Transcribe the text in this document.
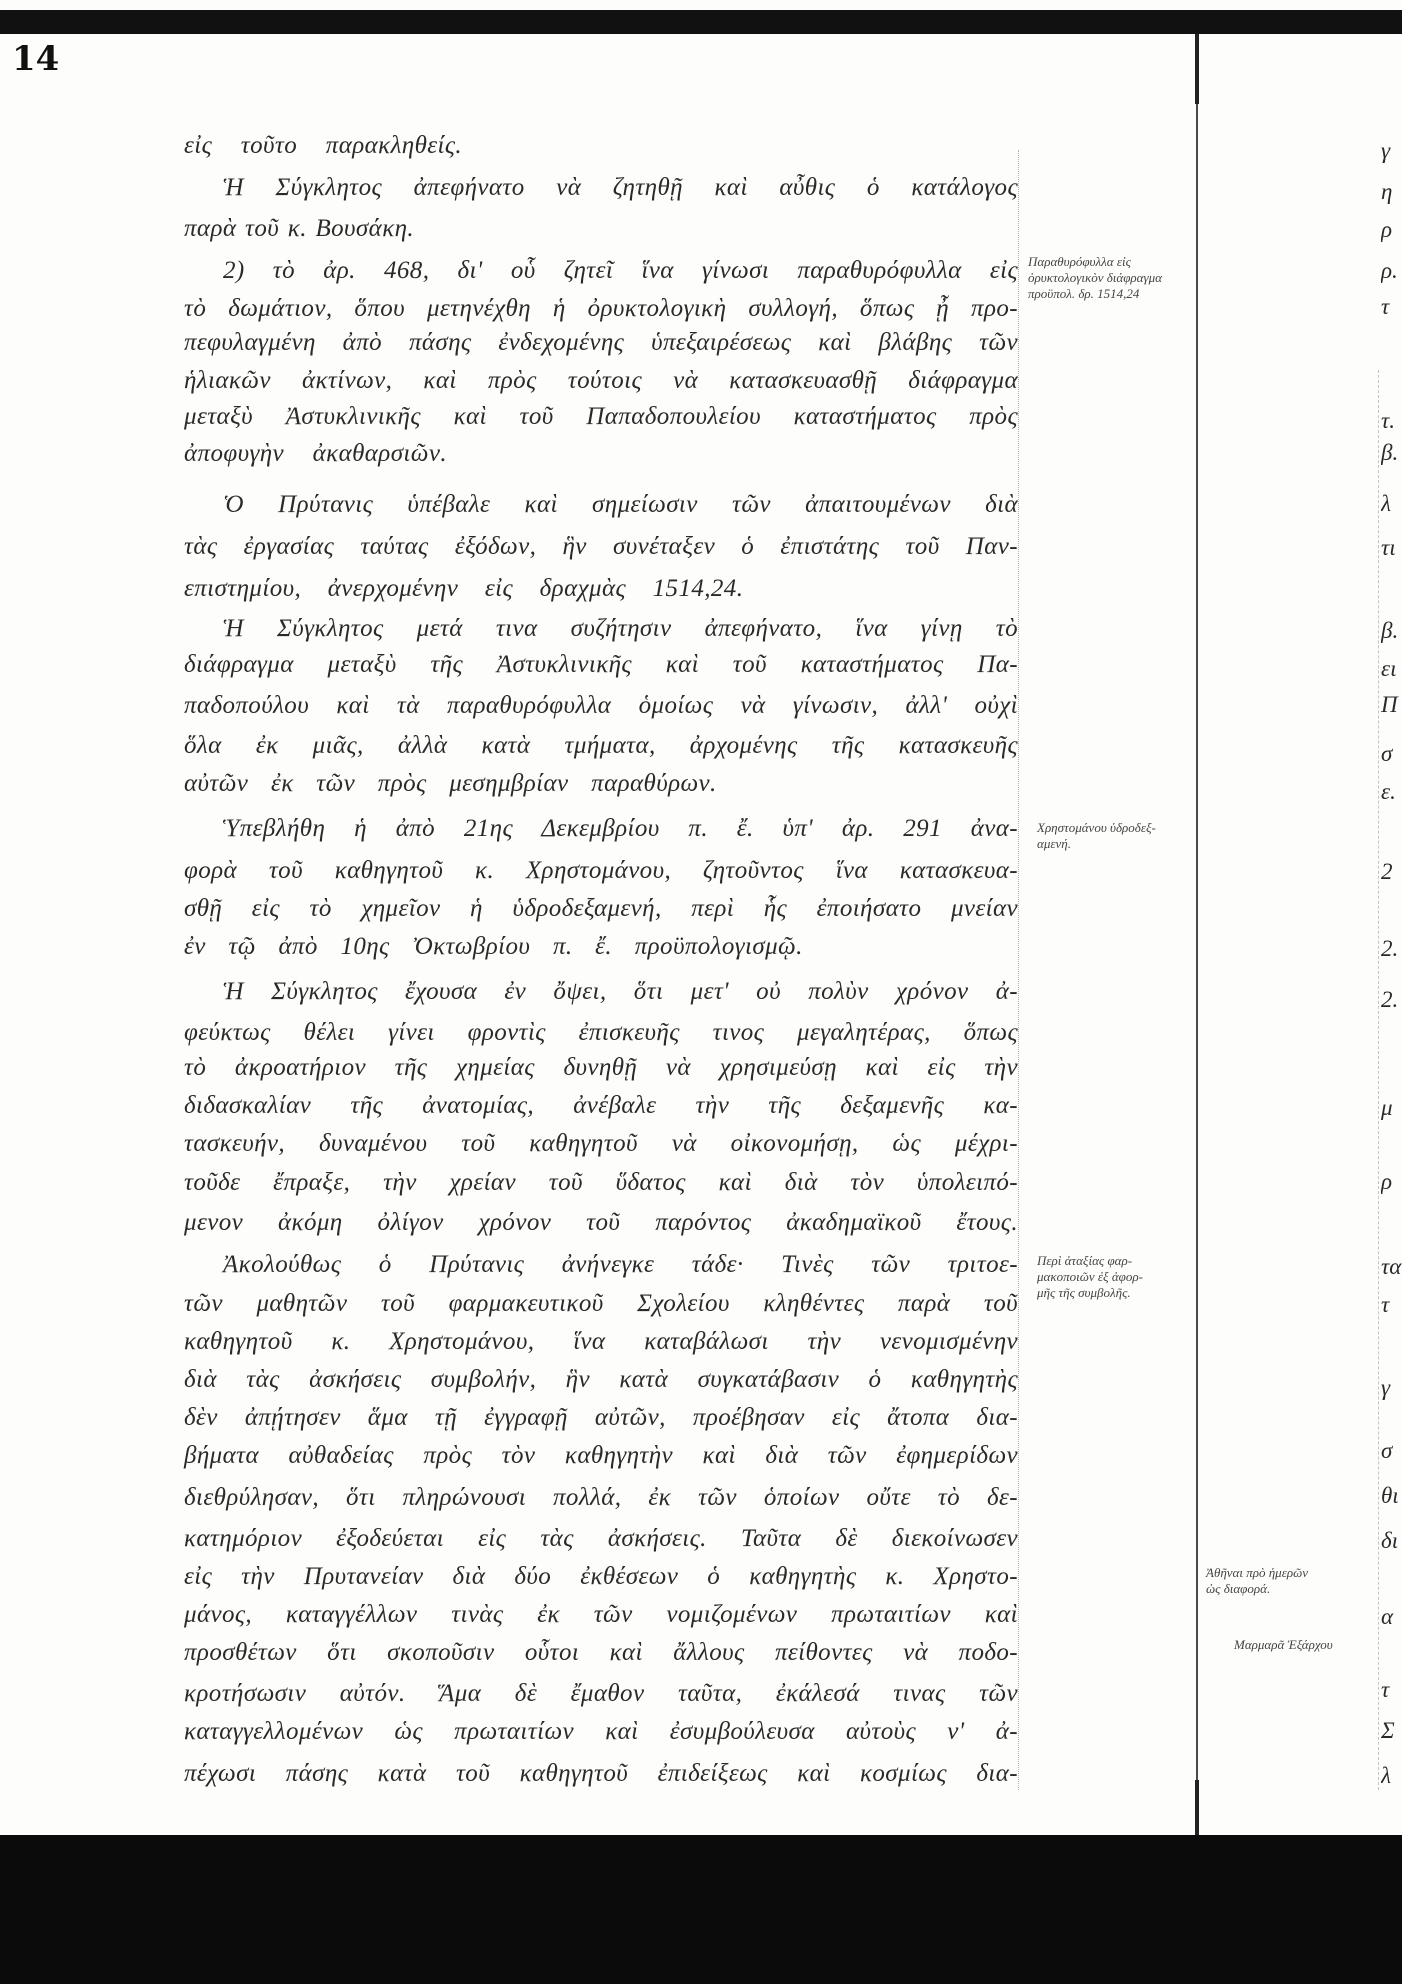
14
εἰς τοῦτο παρακληθείς.
Ἡ Σύγκλητος ἀπεφήνατο νὰ ζητηθῇ καὶ αὖθις ὁ κατάλογος
παρὰ τοῦ κ. Βουσάκη.
2) τὸ ἀρ. 468, δι' οὗ ζητεῖ ἵνα γίνωσι παραθυρόφυλλα εἰς
τὸ δωμάτιον, ὅπου μετηνέχθη ἡ ὀρυκτολογικὴ συλλογή, ὅπως ᾖ προ-
πεφυλαγμένη ἀπὸ πάσης ἐνδεχομένης ὑπεξαιρέσεως καὶ βλάβης τῶν
ἡλιακῶν ἀκτίνων, καὶ πρὸς τούτοις νὰ κατασκευασθῇ διάφραγμα
μεταξὺ Ἀστυκλινικῆς καὶ τοῦ Παπαδοπουλείου καταστήματος πρὸς
ἀποφυγὴν ἀκαθαρσιῶν.
Ὁ Πρύτανις ὑπέβαλε καὶ σημείωσιν τῶν ἀπαιτουμένων διὰ
τὰς ἐργασίας ταύτας ἐξόδων, ἣν συνέταξεν ὁ ἐπιστάτης τοῦ Παν-
επιστημίου, ἀνερχομένην εἰς δραχμὰς 1514,24.
Ἡ Σύγκλητος μετά τινα συζήτησιν ἀπεφήνατο, ἵνα γίνῃ τὸ
διάφραγμα μεταξὺ τῆς Ἀστυκλινικῆς καὶ τοῦ καταστήματος Πα-
παδοπούλου καὶ τὰ παραθυρόφυλλα ὁμοίως νὰ γίνωσιν, ἀλλ' οὐχὶ
ὅλα ἐκ μιᾶς, ἀλλὰ κατὰ τμήματα, ἀρχομένης τῆς κατασκευῆς
αὐτῶν ἐκ τῶν πρὸς μεσημβρίαν παραθύρων.
Ὑπεβλήθη ἡ ἀπὸ 21ης Δεκεμβρίου π. ἔ. ὑπ' ἀρ. 291 ἀνα-
φορὰ τοῦ καθηγητοῦ κ. Χρηστομάνου, ζητοῦντος ἵνα κατασκευα-
σθῇ εἰς τὸ χημεῖον ἡ ὑδροδεξαμενή, περὶ ἧς ἐποιήσατο μνείαν
ἐν τῷ ἀπὸ 10ης Ὀκτωβρίου π. ἔ. προϋπολογισμῷ.
Ἡ Σύγκλητος ἔχουσα ἐν ὄψει, ὅτι μετ' οὐ πολὺν χρόνον ἀ-
φεύκτως θέλει γίνει φροντὶς ἐπισκευῆς τινος μεγαλητέρας, ὅπως
τὸ ἀκροατήριον τῆς χημείας δυνηθῇ νὰ χρησιμεύσῃ καὶ εἰς τὴν
διδασκαλίαν τῆς ἀνατομίας, ἀνέβαλε τὴν τῆς δεξαμενῆς κα-
τασκευήν, δυναμένου τοῦ καθηγητοῦ νὰ οἰκονομήσῃ, ὡς μέχρι-
τοῦδε ἔπραξε, τὴν χρείαν τοῦ ὕδατος καὶ διὰ τὸν ὑπολειπό-
μενον ἀκόμη ὀλίγον χρόνον τοῦ παρόντος ἀκαδημαϊκοῦ ἔτους.
Ἀκολούθως ὁ Πρύτανις ἀνήνεγκε τάδε· Τινὲς τῶν τριτοε-
τῶν μαθητῶν τοῦ φαρμακευτικοῦ Σχολείου κληθέντες παρὰ τοῦ
καθηγητοῦ κ. Χρηστομάνου, ἵνα καταβάλωσι τὴν νενομισμένην
διὰ τὰς ἀσκήσεις συμβολήν, ἣν κατὰ συγκατάβασιν ὁ καθηγητὴς
δὲν ἀπῄτησεν ἅμα τῇ ἐγγραφῇ αὐτῶν, προέβησαν εἰς ἄτοπα δια-
βήματα αὐθαδείας πρὸς τὸν καθηγητὴν καὶ διὰ τῶν ἐφημερίδων
διεθρύλησαν, ὅτι πληρώνουσι πολλά, ἐκ τῶν ὁποίων οὔτε τὸ δε-
κατημόριον ἐξοδεύεται εἰς τὰς ἀσκήσεις. Ταῦτα δὲ διεκοίνωσεν
εἰς τὴν Πρυτανείαν διὰ δύο ἐκθέσεων ὁ καθηγητὴς κ. Χρηστο-
μάνος, καταγγέλλων τινὰς ἐκ τῶν νομιζομένων πρωταιτίων καὶ
προσθέτων ὅτι σκοποῦσιν οὗτοι καὶ ἄλλους πείθοντες νὰ ποδο-
κροτήσωσιν αὐτόν. Ἅμα δὲ ἔμαθον ταῦτα, ἐκάλεσά τινας τῶν
καταγγελλομένων ὡς πρωταιτίων καὶ ἐσυμβούλευσα αὐτοὺς ν' ἀ-
πέχωσι πάσης κατὰ τοῦ καθηγητοῦ ἐπιδείξεως καὶ κοσμίως δια-
Παραθυρόφυλλα εἰς
ὀρυκτολογικὸν διάφραγμα
προϋπολ. δρ. 1514,24
Χρηστομάνου ὑδροδεξ-
αμενή.
Περὶ ἀταξίας φαρ-
μακοποιῶν ἐξ ἀφορ-
μῆς τῆς συμβολῆς.
Ἀθῆναι πρὸ ἡμερῶν
ὡς διαφορά.
Μαρμαρᾶ Ἐξάρχου
γ
η
ρ
ρ.
τ
τ.
β.
λ
τι
β.
ει
Π
σ
ε.
2
2.
2.
μ
ρ
τα
τ
γ
σ
θι
δι
α
τ
Σ
λ
